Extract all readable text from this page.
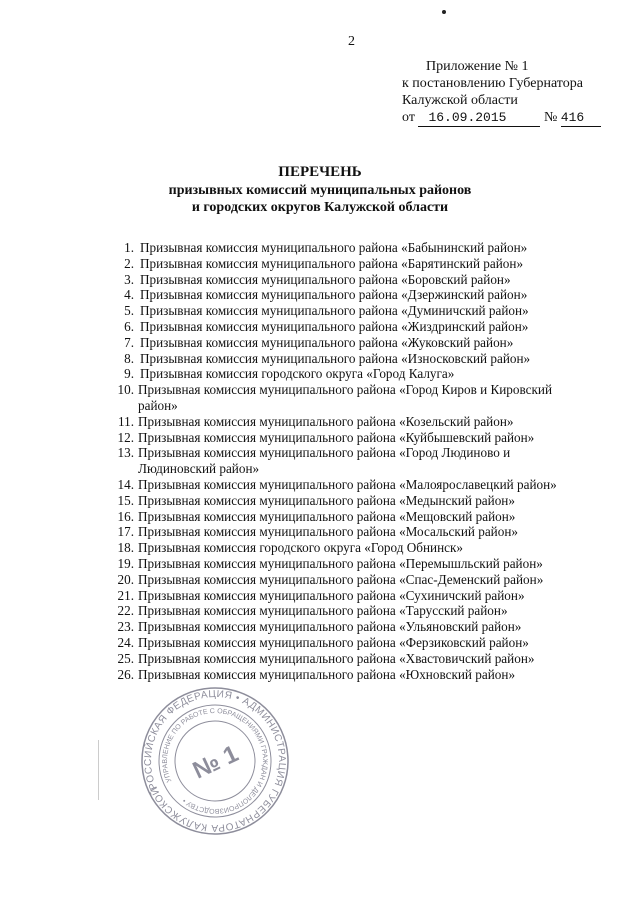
2
Приложение № 1
к постановлению Губернатора
Калужской области
от 16.09.2015	№ 416
ПЕРЕЧЕНЬ
призывных комиссий муниципальных районов
и городских округов Калужской области
1. Призывная комиссия муниципального района «Бабынинский район»
2. Призывная комиссия муниципального района «Барятинский район»
3. Призывная комиссия муниципального района «Боровский район»
4. Призывная комиссия муниципального района «Дзержинский район»
5. Призывная комиссия муниципального района «Думиничский район»
6. Призывная комиссия муниципального района «Жиздринский район»
7. Призывная комиссия муниципального района «Жуковский район»
8. Призывная комиссия муниципального района «Износковский район»
9. Призывная комиссия городского округа «Город Калуга»
10. Призывная комиссия муниципального района «Город Киров и Кировский район»
11. Призывная комиссия муниципального района «Козельский район»
12. Призывная комиссия муниципального района «Куйбышевский район»
13. Призывная комиссия муниципального района «Город Людиново и Людиновский район»
14. Призывная комиссия муниципального района «Малоярославецкий район»
15. Призывная комиссия муниципального района «Медынский район»
16. Призывная комиссия муниципального района «Мещовский район»
17. Призывная комиссия муниципального района «Мосальский район»
18. Призывная комиссия городского округа «Город Обнинск»
19. Призывная комиссия муниципального района «Перемышльский район»
20. Призывная комиссия муниципального района «Спас-Деменский район»
21. Призывная комиссия муниципального района «Сухиничский район»
22. Призывная комиссия муниципального района «Тарусский район»
23. Призывная комиссия муниципального района «Ульяновский район»
24. Призывная комиссия муниципального района «Ферзиковский район»
25. Призывная комиссия муниципального района «Хвастовичский район»
26. Призывная комиссия муниципального района «Юхновский район»
РОССИЙСКАЯ ФЕДЕРАЦИЯ • АДМИНИСТРАЦИЯ ГУБЕРНАТОРА КАЛУЖСКОЙ
УПРАВЛЕНИЕ ПО РАБОТЕ С ОБРАЩЕНИЯМИ ГРАЖДАН И ДЕЛОПРОИЗВОДСТВУ •
№ 1
